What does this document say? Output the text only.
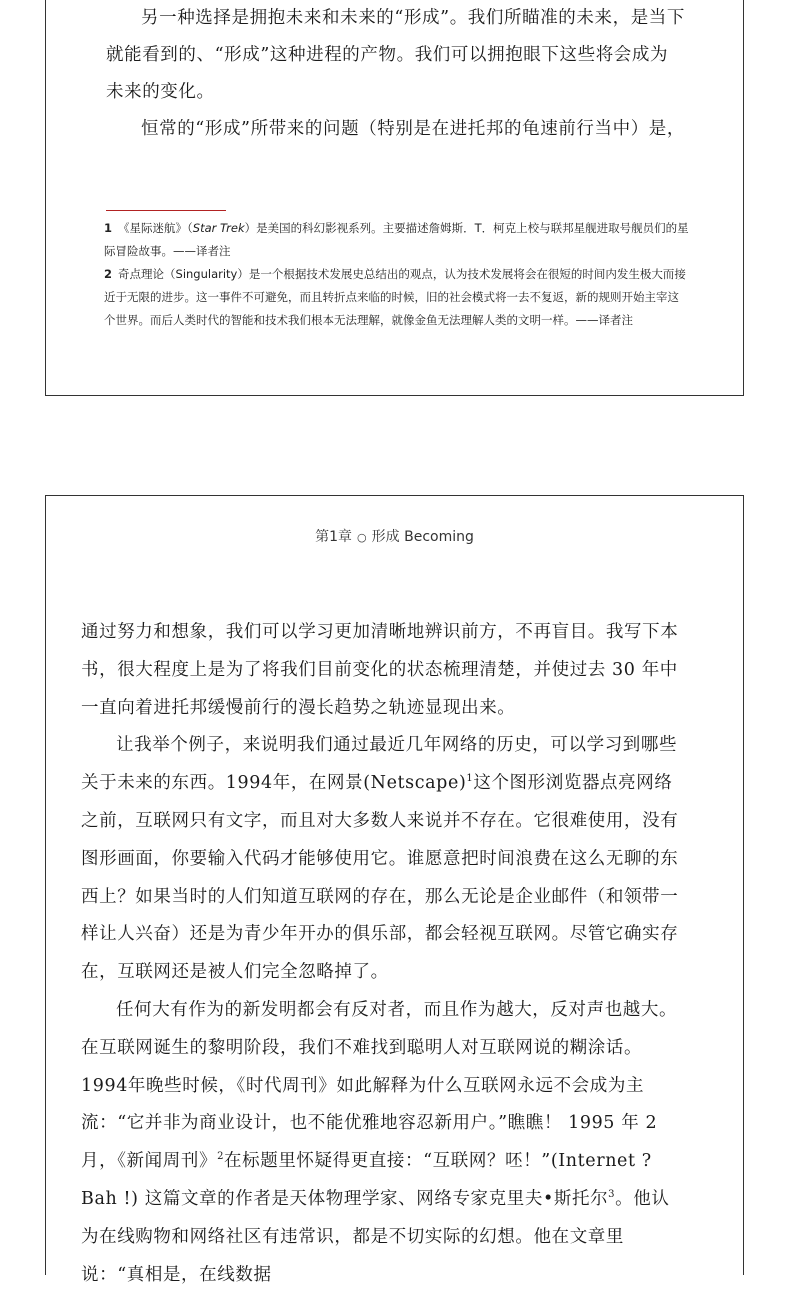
另一种选择是拥抱未来和未来的“形成”。我们所瞄准的未来，是当下就能看到的、“形成”这种进程的产物。我们可以拥抱眼下这些将会成为未来的变化。

恒常的“形成”所带来的问题（特别是在进托邦的龟速前行当中）是，

1 《星际迷航》（Star Trek）是美国的科幻影视系列。主要描述詹姆斯．T．柯克上校与联邦星舰进取号舰员们的星际冒险故事。——译者注

2 奇点理论（Singularity）是一个根据技术发展史总结出的观点，认为技术发展将会在很短的时间内发生极大而接近于无限的进步。这一事件不可避免，而且转折点来临的时候，旧的社会模式将一去不复返，新的规则开始主宰这个世界。而后人类时代的智能和技术我们根本无法理解，就像金鱼无法理解人类的文明一样。——译者注

第1章 ○ 形成 Becoming

通过努力和想象，我们可以学习更加清晰地辨识前方，不再盲目。我写下本书，很大程度上是为了将我们目前变化的状态梳理清楚，并使过去 30 年中一直向着进托邦缓慢前行的漫长趋势之轨迹显现出来。

让我举个例子，来说明我们通过最近几年网络的历史，可以学习到哪些关于未来的东西。1994年，在网景(Netscape)$^1$这个图形浏览器点亮网络之前，互联网只有文字，而且对大多数人来说并不存在。它很难使用，没有图形画面，你要输入代码才能够使用它。谁愿意把时间浪费在这么无聊的东西上？如果当时的人们知道互联网的存在，那么无论是企业邮件（和领带一样让人兴奋）还是为青少年开办的俱乐部，都会轻视互联网。尽管它确实存在，互联网还是被人们完全忽略掉了。

任何大有作为的新发明都会有反对者，而且作为越大，反对声也越大。在互联网诞生的黎明阶段，我们不难找到聪明人对互联网说的糊涂话。1994年晚些时候，《时代周刊》如此解释为什么互联网永远不会成为主流：“它并非为商业设计，也不能优雅地容忍新用户。”瞧瞧！ 1995 年 2 月，《新闻周刊》$^2$在标题里怀疑得更直接：“互联网？呸！”(Internet ? Bah !) 这篇文章的作者是天体物理学家、网络专家克里夫•斯托尔$^3$。他认为在线购物和网络社区有违常识，都是不切实际的幻想。他在文章里说：“真相是，在线数据
